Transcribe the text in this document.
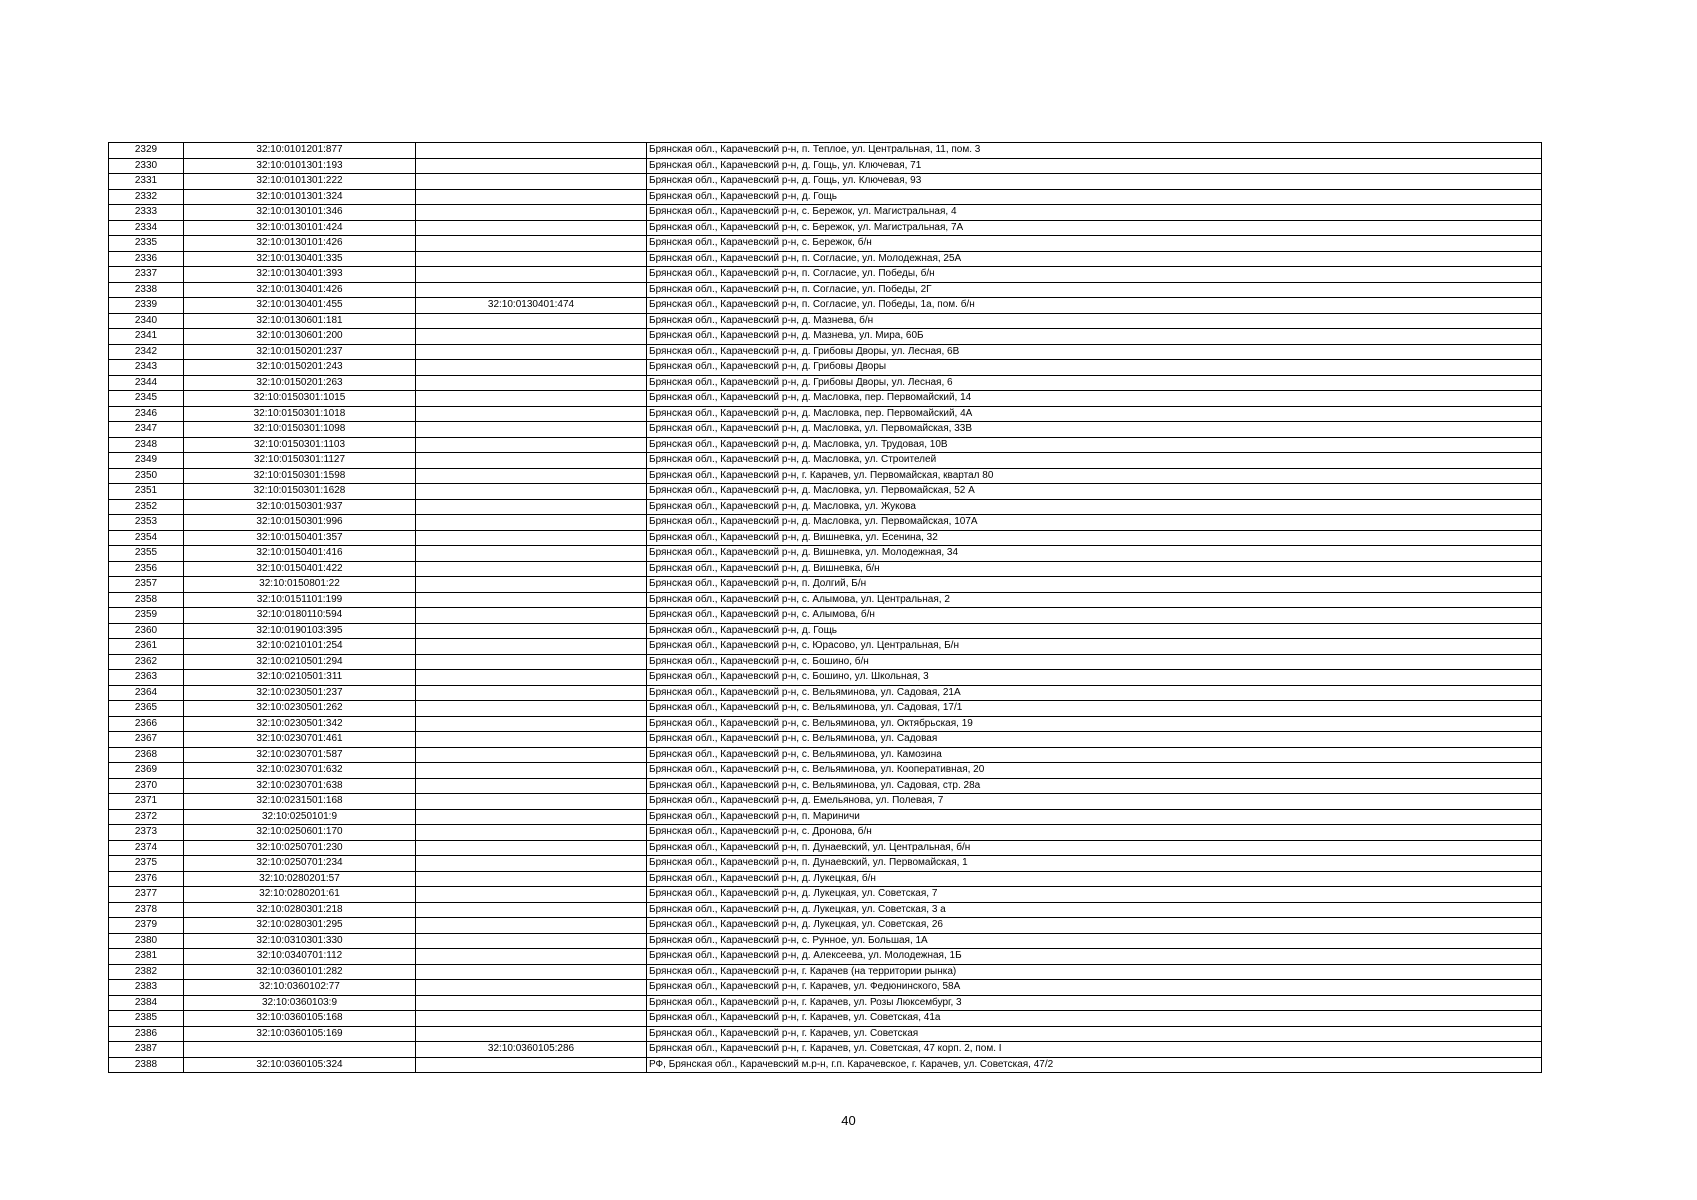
2329	32:10:0101201:877		Брянская обл., Карачевский р-н, п. Теплое, ул. Центральная, 11, пом. 3
2330	32:10:0101301:193		Брянская обл., Карачевский р-н, д. Гощь, ул. Ключевая, 71
2331	32:10:0101301:222		Брянская обл., Карачевский р-н, д. Гощь, ул. Ключевая, 93
2332	32:10:0101301:324		Брянская обл., Карачевский р-н, д. Гощь
2333	32:10:0130101:346		Брянская обл., Карачевский р-н, с. Бережок, ул. Магистральная, 4
2334	32:10:0130101:424		Брянская обл., Карачевский р-н, с. Бережок, ул. Магистральная, 7А
2335	32:10:0130101:426		Брянская обл., Карачевский р-н, с. Бережок, б/н
2336	32:10:0130401:335		Брянская обл., Карачевский р-н, п. Согласие, ул. Молодежная, 25А
2337	32:10:0130401:393		Брянская обл., Карачевский р-н, п. Согласие, ул. Победы, б/н
2338	32:10:0130401:426		Брянская обл., Карачевский р-н, п. Согласие, ул. Победы, 2Г
2339	32:10:0130401:455	32:10:0130401:474	Брянская обл., Карачевский р-н, п. Согласие, ул. Победы, 1а, пом. б/н
2340	32:10:0130601:181		Брянская обл., Карачевский р-н, д. Мазнева, б/н
2341	32:10:0130601:200		Брянская обл., Карачевский р-н, д. Мазнева, ул. Мира, 60Б
2342	32:10:0150201:237		Брянская обл., Карачевский р-н, д. Грибовы Дворы, ул. Лесная, 6В
2343	32:10:0150201:243		Брянская обл., Карачевский р-н, д. Грибовы Дворы
2344	32:10:0150201:263		Брянская обл., Карачевский р-н, д. Грибовы Дворы, ул. Лесная, 6
2345	32:10:0150301:1015		Брянская обл., Карачевский р-н, д. Масловка, пер. Первомайский, 14
2346	32:10:0150301:1018		Брянская обл., Карачевский р-н, д. Масловка, пер. Первомайский, 4А
2347	32:10:0150301:1098		Брянская обл., Карачевский р-н, д. Масловка, ул. Первомайская, 33В
2348	32:10:0150301:1103		Брянская обл., Карачевский р-н, д. Масловка, ул. Трудовая, 10В
2349	32:10:0150301:1127		Брянская обл., Карачевский р-н, д. Масловка, ул. Строителей
2350	32:10:0150301:1598		Брянская обл., Карачевский р-н, г. Карачев, ул. Первомайская, квартал 80
2351	32:10:0150301:1628		Брянская обл., Карачевский р-н, д. Масловка, ул. Первомайская, 52 А
2352	32:10:0150301:937		Брянская обл., Карачевский р-н, д. Масловка, ул. Жукова
2353	32:10:0150301:996		Брянская обл., Карачевский р-н, д. Масловка, ул. Первомайская, 107А
2354	32:10:0150401:357		Брянская обл., Карачевский р-н, д. Вишневка, ул. Есенина, 32
2355	32:10:0150401:416		Брянская обл., Карачевский р-н, д. Вишневка, ул. Молодежная, 34
2356	32:10:0150401:422		Брянская обл., Карачевский р-н, д. Вишневка, б/н
2357	32:10:0150801:22		Брянская обл., Карачевский р-н, п. Долгий, Б/н
2358	32:10:0151101:199		Брянская обл., Карачевский р-н, с. Алымова, ул. Центральная, 2
2359	32:10:0180110:594		Брянская обл., Карачевский р-н, с. Алымова, б/н
2360	32:10:0190103:395		Брянская обл., Карачевский р-н, д. Гощь
2361	32:10:0210101:254		Брянская обл., Карачевский р-н, с. Юрасово, ул. Центральная, Б/н
2362	32:10:0210501:294		Брянская обл., Карачевский р-н, с. Бошино, б/н
2363	32:10:0210501:311		Брянская обл., Карачевский р-н, с. Бошино, ул. Школьная, 3
2364	32:10:0230501:237		Брянская обл., Карачевский р-н, с. Вельяминова, ул. Садовая, 21А
2365	32:10:0230501:262		Брянская обл., Карачевский р-н, с. Вельяминова, ул. Садовая, 17/1
2366	32:10:0230501:342		Брянская обл., Карачевский р-н, с. Вельяминова, ул. Октябрьская, 19
2367	32:10:0230701:461		Брянская обл., Карачевский р-н, с. Вельяминова, ул. Садовая
2368	32:10:0230701:587		Брянская обл., Карачевский р-н, с. Вельяминова, ул. Камозина
2369	32:10:0230701:632		Брянская обл., Карачевский р-н, с. Вельяминова, ул. Кооперативная, 20
2370	32:10:0230701:638		Брянская обл., Карачевский р-н, с. Вельяминова, ул. Садовая, стр. 28а
2371	32:10:0231501:168		Брянская обл., Карачевский р-н, д. Емельянова, ул. Полевая, 7
2372	32:10:0250101:9		Брянская обл., Карачевский р-н, п. Мариничи
2373	32:10:0250601:170		Брянская обл., Карачевский р-н, с. Дронова, б/н
2374	32:10:0250701:230		Брянская обл., Карачевский р-н, п. Дунаевский, ул. Центральная, б/н
2375	32:10:0250701:234		Брянская обл., Карачевский р-н, п. Дунаевский, ул. Первомайская, 1
2376	32:10:0280201:57		Брянская обл., Карачевский р-н, д. Лукецкая, б/н
2377	32:10:0280201:61		Брянская обл., Карачевский р-н, д. Лукецкая, ул. Советская, 7
2378	32:10:0280301:218		Брянская обл., Карачевский р-н, д. Лукецкая, ул. Советская, 3 а
2379	32:10:0280301:295		Брянская обл., Карачевский р-н, д. Лукецкая, ул. Советская, 26
2380	32:10:0310301:330		Брянская обл., Карачевский р-н, с. Рунное, ул. Большая, 1А
2381	32:10:0340701:112		Брянская обл., Карачевский р-н, д. Алексеева, ул. Молодежная, 1Б
2382	32:10:0360101:282		Брянская обл., Карачевский р-н, г. Карачев (на территории рынка)
2383	32:10:0360102:77		Брянская обл., Карачевский р-н, г. Карачев, ул. Федюнинского, 58А
2384	32:10:0360103:9		Брянская обл., Карачевский р-н, г. Карачев, ул. Розы Люксембург, 3
2385	32:10:0360105:168		Брянская обл., Карачевский р-н, г. Карачев, ул. Советская, 41а
2386	32:10:0360105:169		Брянская обл., Карачевский р-н, г. Карачев, ул. Советская
2387		32:10:0360105:286	Брянская обл., Карачевский р-н, г. Карачев, ул. Советская, 47 корп. 2, пом. I
2388	32:10:0360105:324		РФ, Брянская обл., Карачевский м.р-н, г.п. Карачевское, г. Карачев, ул. Советская, 47/2
40
